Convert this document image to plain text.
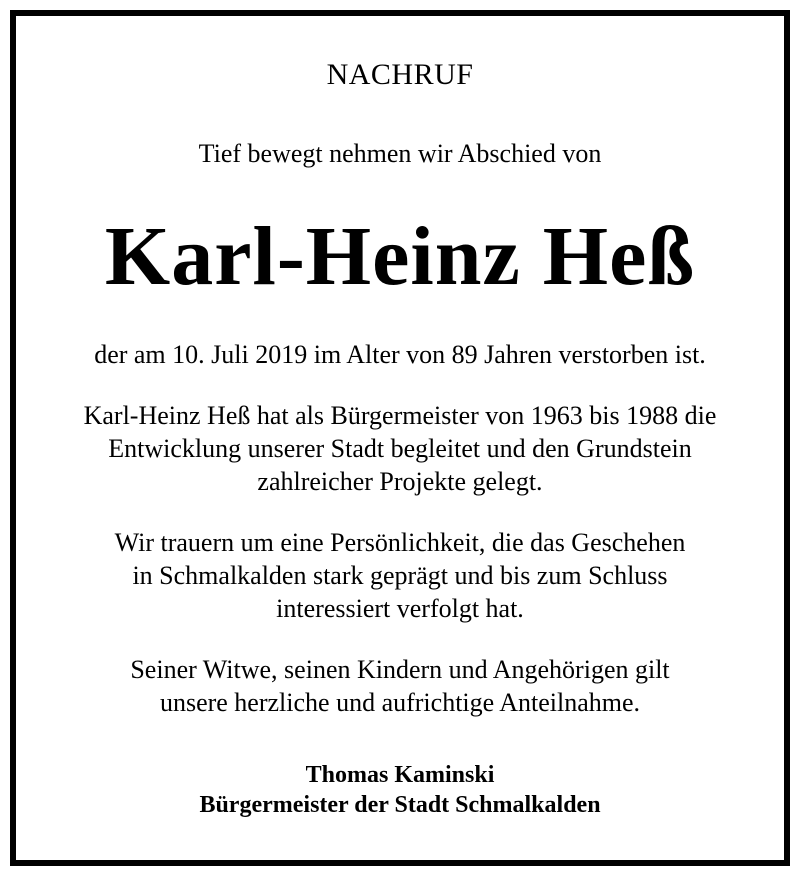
NACHRUF
Tief bewegt nehmen wir Abschied von
Karl-Heinz Heß
der am 10. Juli 2019 im Alter von 89 Jahren verstorben ist.
Karl-Heinz Heß hat als Bürgermeister von 1963 bis 1988 die
Entwicklung unserer Stadt begleitet und den Grundstein
zahlreicher Projekte gelegt.
Wir trauern um eine Persönlichkeit, die das Geschehen
in Schmalkalden stark geprägt und bis zum Schluss
interessiert verfolgt hat.
Seiner Witwe, seinen Kindern und Angehörigen gilt
unsere herzliche und aufrichtige Anteilnahme.
Thomas Kaminski
Bürgermeister der Stadt Schmalkalden
